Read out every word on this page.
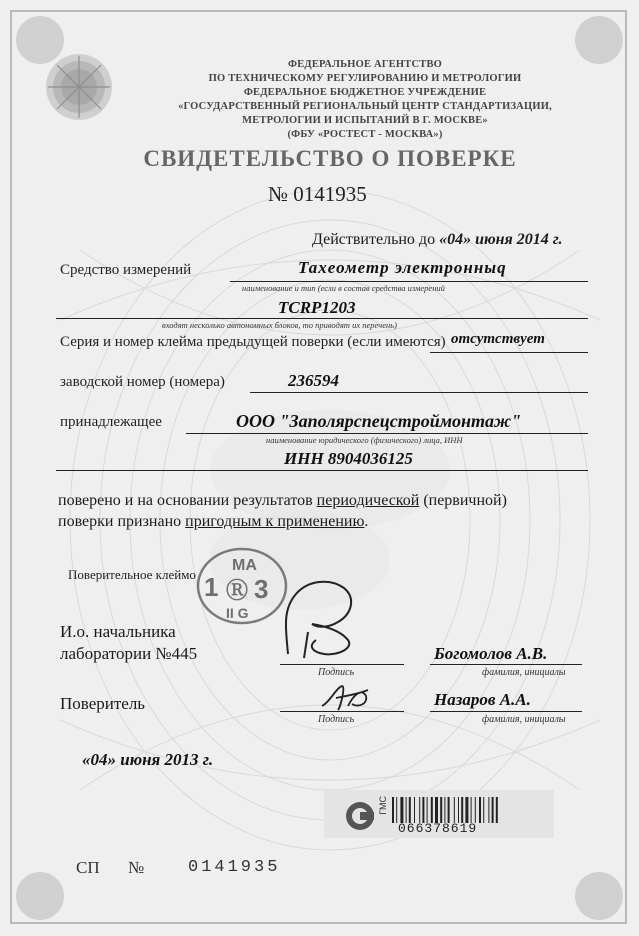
ФЕДЕРАЛЬНОЕ АГЕНТСТВО
ПО ТЕХНИЧЕСКОМУ РЕГУЛИРОВАНИЮ И МЕТРОЛОГИИ
ФЕДЕРАЛЬНОЕ БЮДЖЕТНОЕ УЧРЕЖДЕНИЕ
«ГОСУДАРСТВЕННЫЙ РЕГИОНАЛЬНЫЙ ЦЕНТР СТАНДАРТИЗАЦИИ,
МЕТРОЛОГИИ И ИСПЫТАНИЙ В Г. МОСКВЕ»
(ФБУ «РОСТЕСТ - МОСКВА»)
СВИДЕТЕЛЬСТВО О ПОВЕРКЕ
№ 0141935
Действительно до «04» июня 2014 г.
Средство измерений	Тахеометр электронныq
наименование и тип (если в состав средства измерений
TCRP1203
входят несколько автономных блоков, то приводят их перечень)
Серия и номер клейма предыдущей поверки (если имеются) отсутствует
заводской номер (номера)	236594
принадлежащее	ООО "Заполярспецстроймонтаж"
наименование юридического (физического) лица, ИНН
ИНН 8904036125
поверено и на основании результатов периодической (первичной)
поверки признано пригодным к применению.
Поверительное клеймо
МА
1 Ⓡ 3
II G
И.о. начальника
лаборатории №445
Подпись
Богомолов А.В.
фамилия, инициалы
Поверитель
Подпись
Назаров А.А.
фамилия, инициалы
«04» июня 2013 г.
ГМС
066378619
СП №	0141935
